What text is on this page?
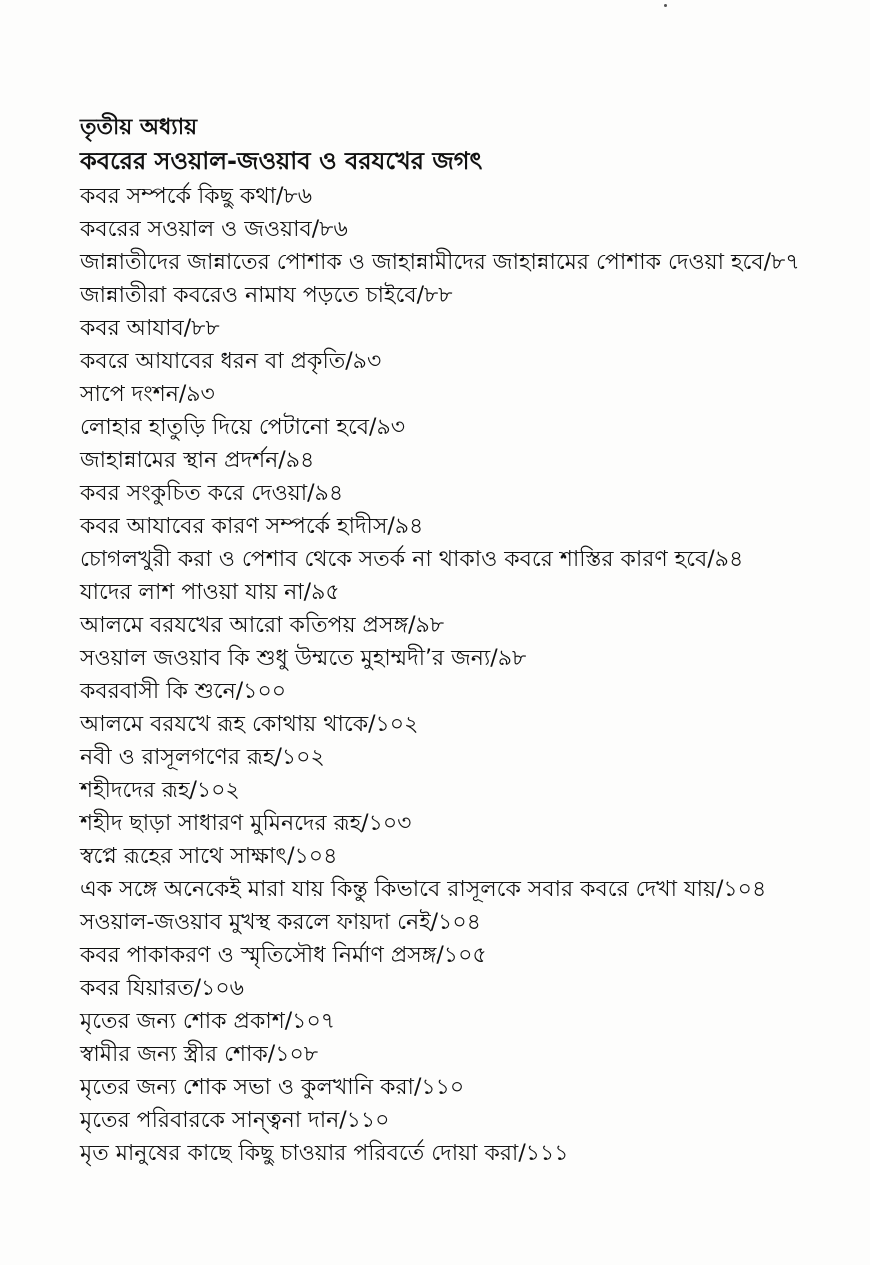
তৃতীয় অধ্যায়
কবরের সওয়াল-জওয়াব ও বরযখের জগৎ
কবর সম্পর্কে কিছু কথা/৮৬
কবরের সওয়াল ও জওয়াব/৮৬
জান্নাতীদের জান্নাতের পোশাক ও জাহান্নামীদের জাহান্নামের পোশাক দেওয়া হবে/৮৭
জান্নাতীরা কবরেও নামায পড়তে চাইবে/৮৮
কবর আযাব/৮৮
কবরে আযাবের ধরন বা প্রকৃতি/৯৩
সাপে দংশন/৯৩
লোহার হাতুড়ি দিয়ে পেটানো হবে/৯৩
জাহান্নামের স্থান প্রদর্শন/৯৪
কবর সংকুচিত করে দেওয়া/৯৪
কবর আযাবের কারণ সম্পর্কে হাদীস/৯৪
চোগলখুরী করা ও পেশাব থেকে সতর্ক না থাকাও কবরে শাস্তির কারণ হবে/৯৪
যাদের লাশ পাওয়া যায় না/৯৫
আলমে বরযখের আরো কতিপয় প্রসঙ্গ/৯৮
সওয়াল জওয়াব কি শুধু উম্মতে মুহাম্মদী’র জন্য/৯৮
কবরবাসী কি শুনে/১০০
আলমে বরযখে রূহ কোথায় থাকে/১০২
নবী ও রাসূলগণের রূহ/১০২
শহীদদের রূহ/১০২
শহীদ ছাড়া সাধারণ মুমিনদের রূহ/১০৩
স্বপ্নে রূহের সাথে সাক্ষাৎ/১০৪
এক সঙ্গে অনেকেই মারা যায় কিন্তু কিভাবে রাসূলকে সবার কবরে দেখা যায়/১০৪
সওয়াল-জওয়াব মুখস্থ করলে ফায়দা নেই/১০৪
কবর পাকাকরণ ও স্মৃতিসৌধ নির্মাণ প্রসঙ্গ/১০৫
কবর যিয়ারত/১০৬
মৃতের জন্য শোক প্রকাশ/১০৭
স্বামীর জন্য স্ত্রীর শোক/১০৮
মৃতের জন্য শোক সভা ও কুলখানি করা/১১০
মৃতের পরিবারকে সান্ত্বনা দান/১১০
মৃত মানুষের কাছে কিছু চাওয়ার পরিবর্তে দোয়া করা/১১১
